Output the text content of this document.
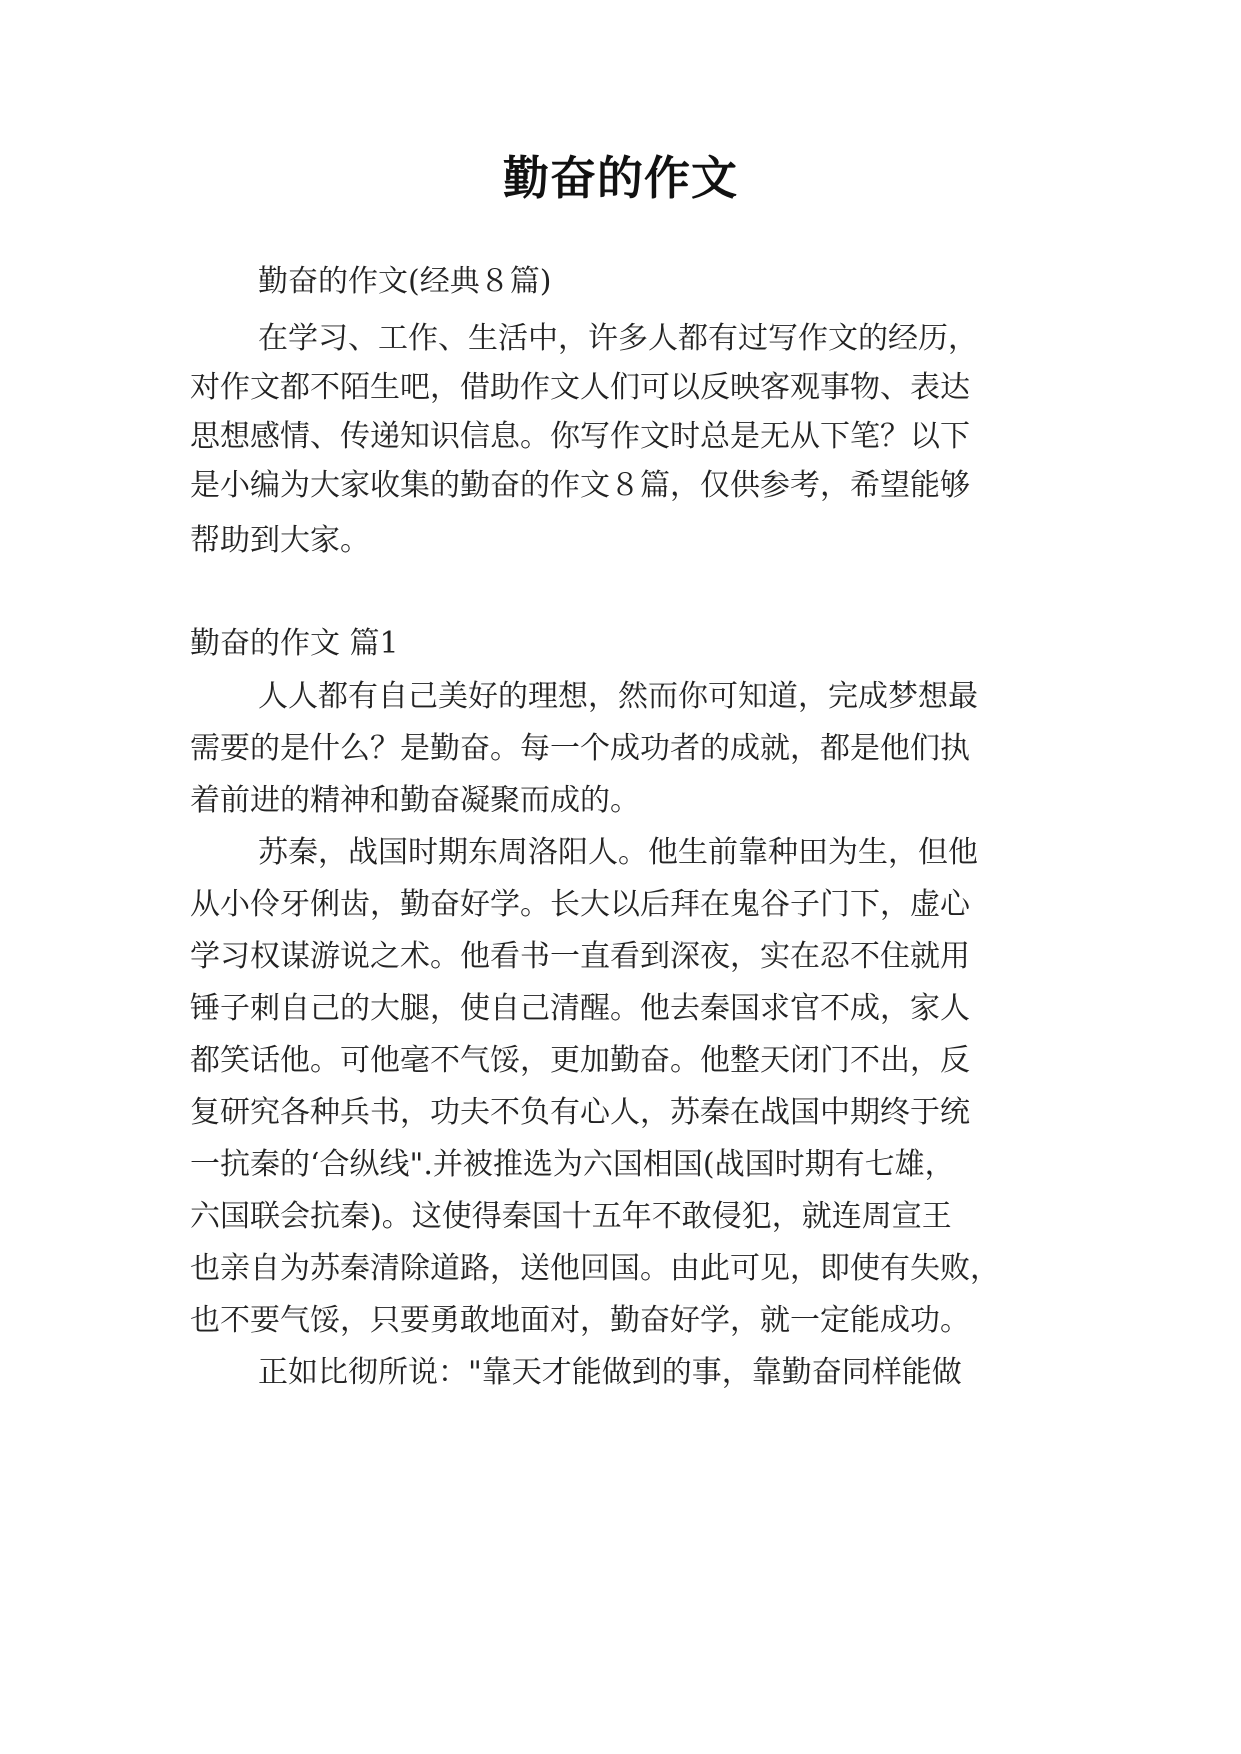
勤奋的作文
勤奋的作文(经典８篇)
在学习、工作、生活中，许多人都有过写作文的经历，
对作文都不陌生吧，借助作文人们可以反映客观事物、表达
思想感情、传递知识信息。你写作文时总是无从下笔？以下
是小编为大家收集的勤奋的作文８篇，仅供参考，希望能够
帮助到大家。
勤奋的作文 篇1
人人都有自己美好的理想，然而你可知道，完成梦想最
需要的是什么？是勤奋。每一个成功者的成就，都是他们执
着前进的精神和勤奋凝聚而成的。
苏秦，战国时期东周洛阳人。他生前靠种田为生，但他
从小伶牙俐齿，勤奋好学。长大以后拜在鬼谷子门下，虚心
学习权谋游说之术。他看书一直看到深夜，实在忍不住就用
锤子刺自己的大腿，使自己清醒。他去秦国求官不成，家人
都笑话他。可他毫不气馁，更加勤奋。他整天闭门不出，反
复研究各种兵书，功夫不负有心人，苏秦在战国中期终于统
一抗秦的‘合纵线".并被推选为六国相国(战国时期有七雄，
六国联会抗秦)。这使得秦国十五年不敢侵犯，就连周宣王
也亲自为苏秦清除道路，送他回国。由此可见，即使有失败，
也不要气馁，只要勇敢地面对，勤奋好学，就一定能成功。
正如比彻所说："靠天才能做到的事，靠勤奋同样能做
